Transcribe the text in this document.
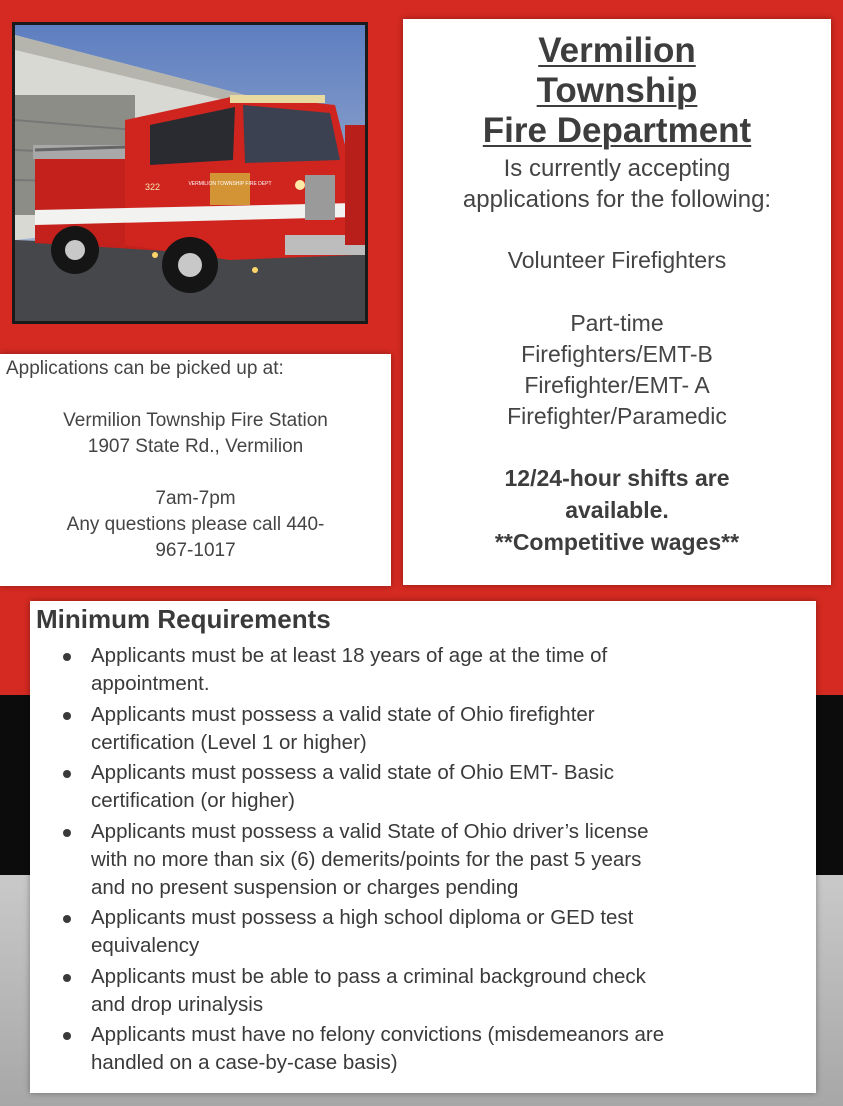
VERMILION TOWNSHIP FIRE DEPT
322
Vermilion
Township
Fire Department
Is currently accepting
applications for the following:
Volunteer Firefighters
Part-time
Firefighters/EMT-B
Firefighter/EMT- A
Firefighter/Paramedic
12/24-hour shifts are
available.
**Competitive wages**
Applications can be picked up at:
Vermilion Township Fire Station
1907 State Rd., Vermilion
7am-7pm
Any questions please call 440-
967-1017
Minimum Requirements
Applicants must be at least 18 years of age at the time of
appointment.
Applicants must possess a valid state of Ohio firefighter
certification (Level 1 or higher)
Applicants must possess a valid state of Ohio EMT- Basic
certification (or higher)
Applicants must possess a valid State of Ohio driver’s license
with no more than six (6) demerits/points for the past 5 years
and no present suspension or charges pending
Applicants must possess a high school diploma or GED test
equivalency
Applicants must be able to pass a criminal background check
and drop urinalysis
Applicants must have no felony convictions (misdemeanors are
handled on a case-by-case basis)
